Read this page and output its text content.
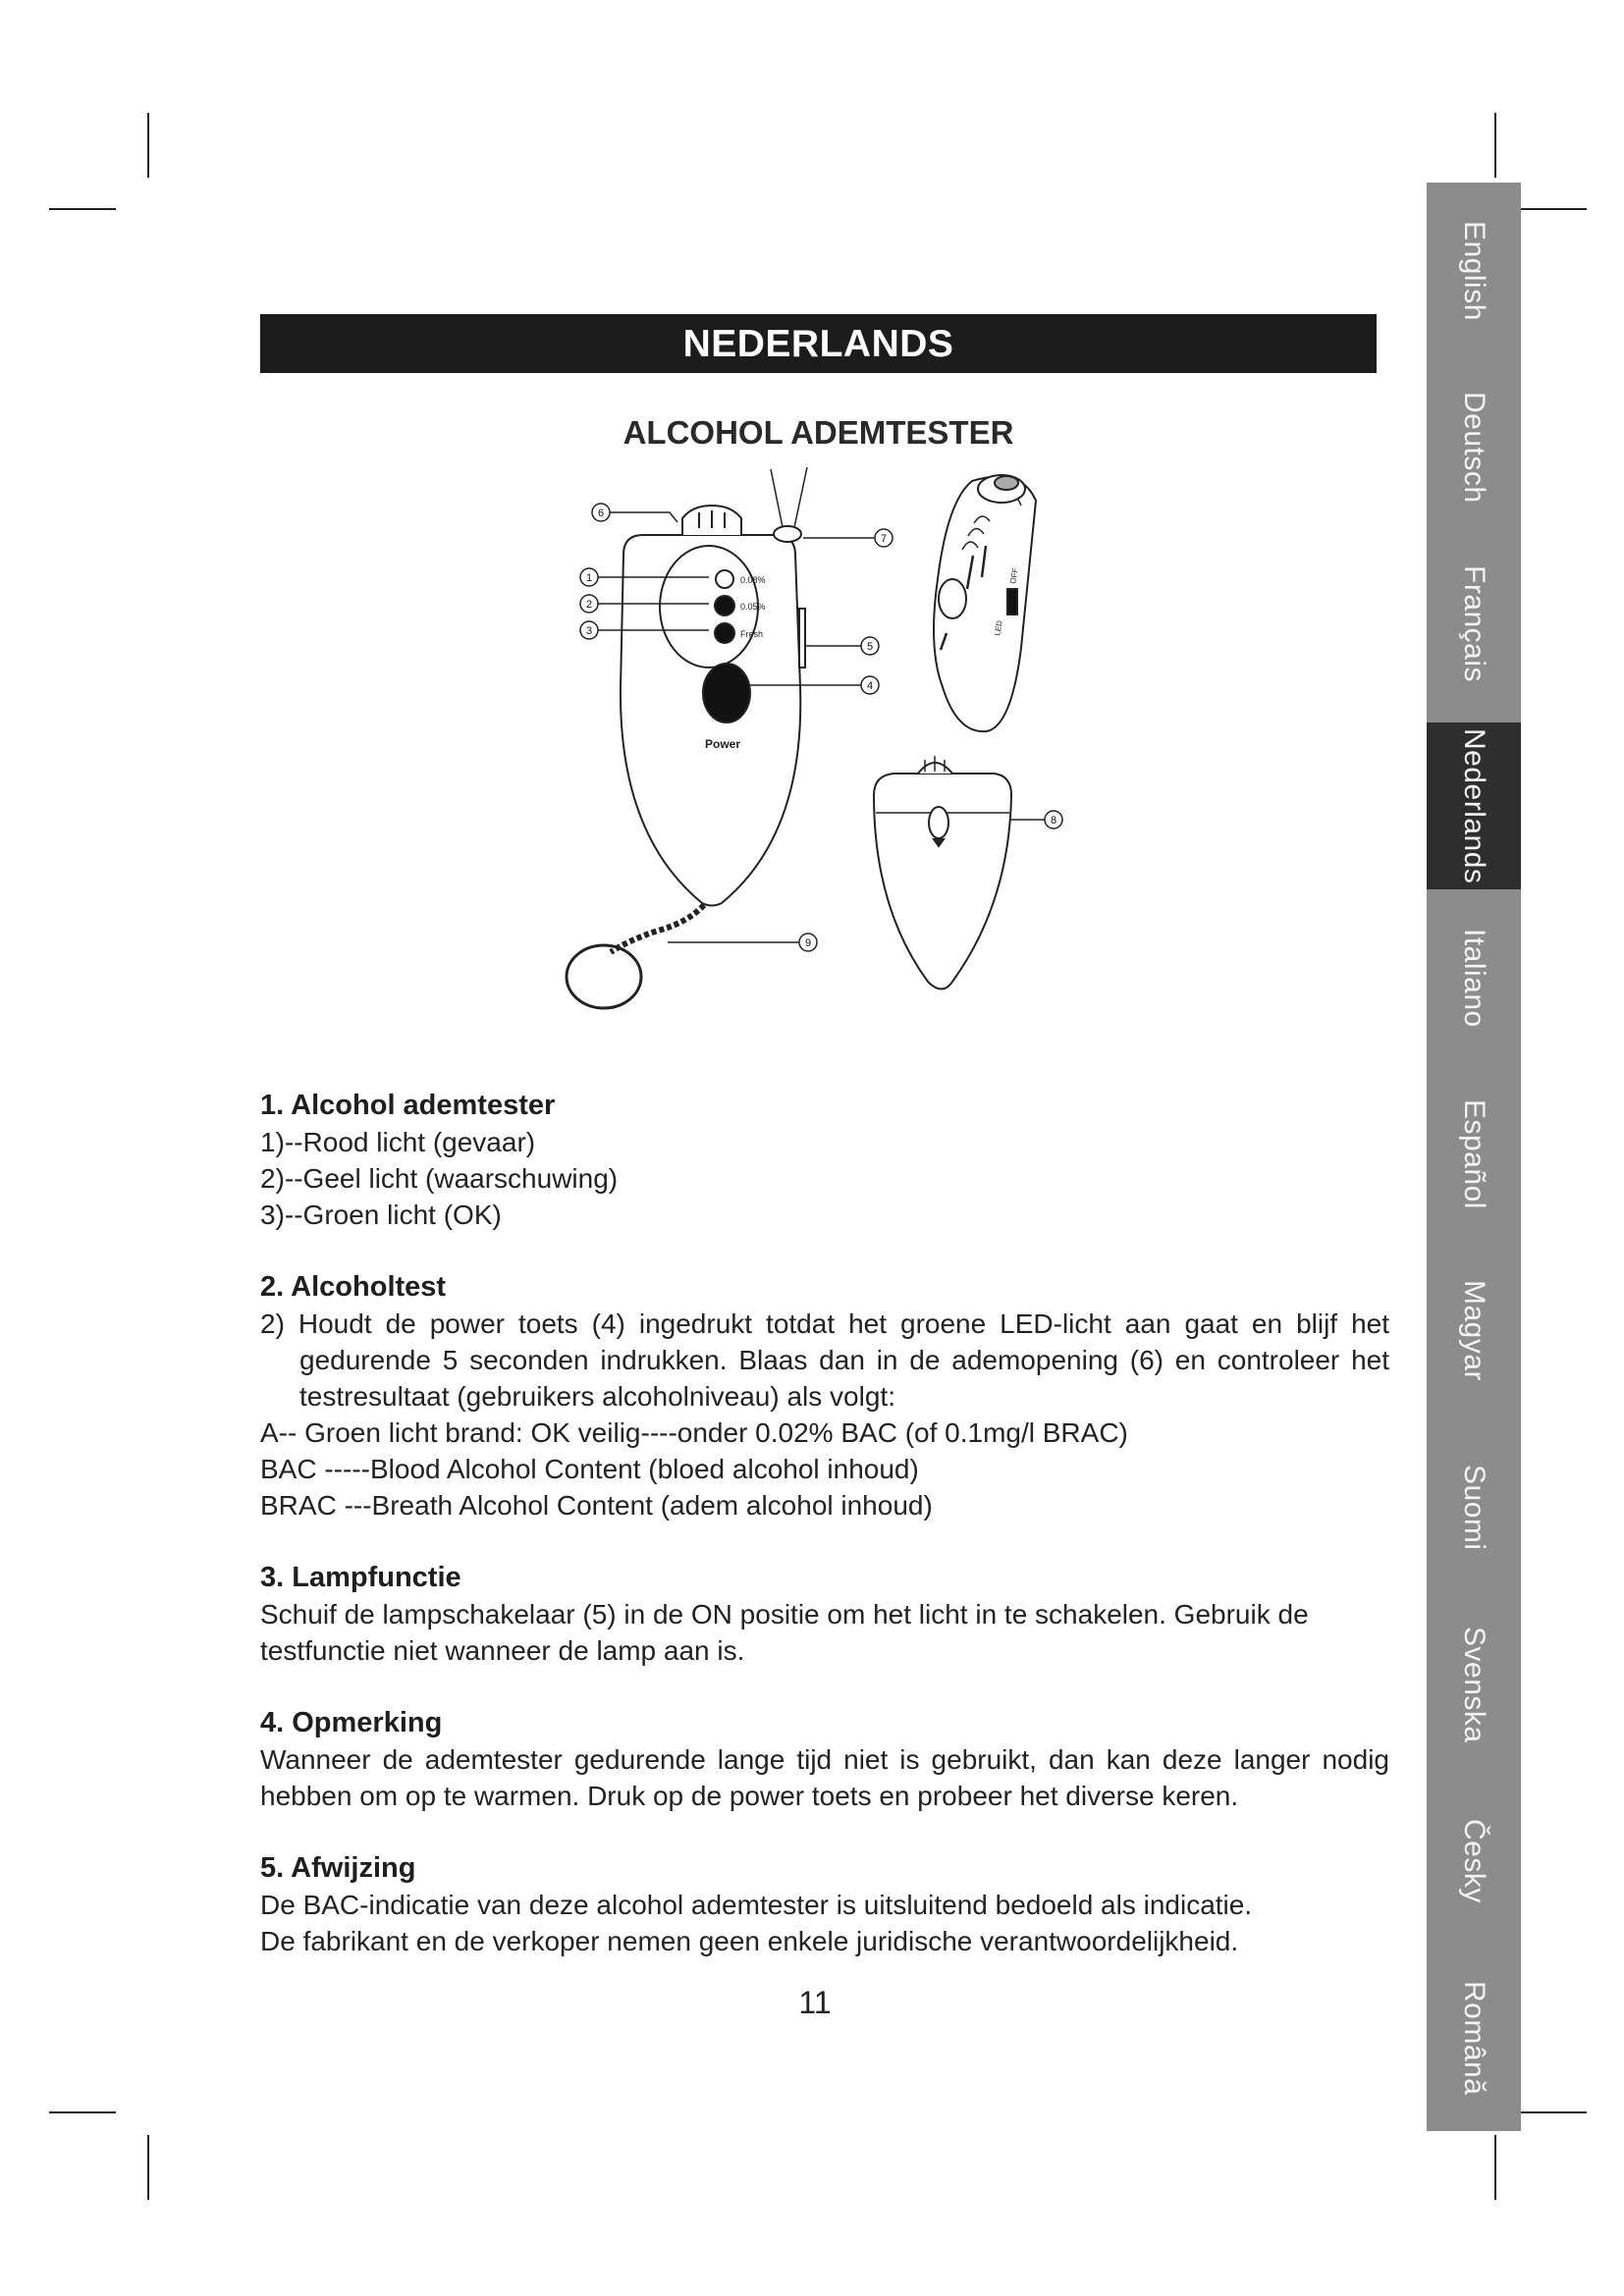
NEDERLANDS
ALCOHOL ADEMTESTER
0.08%
0.05%
Fresh
Power
1
2
3
4
5
6
7
8
9
LED
OFF
1. Alcohol ademtester

1)--Rood licht (gevaar)

2)--Geel licht (waarschuwing)

3)--Groen licht (OK)

2. Alcoholtest

2) Houdt de power toets (4) ingedrukt totdat het groene LED-licht aan gaat en blijf het gedurende 5 seconden indrukken. Blaas dan in de ademopening (6) en controleer het testresultaat (gebruikers alcoholniveau) als volgt:

A-- Groen licht brand: OK veilig----onder 0.02% BAC (of 0.1mg/l BRAC)

BAC -----Blood Alcohol Content (bloed alcohol inhoud)

BRAC ---Breath Alcohol Content (adem alcohol inhoud)

3. Lampfunctie

Schuif de lampschakelaar (5) in de ON positie om het licht in te schakelen. Gebruik de testfunctie niet wanneer de lamp aan is.

4. Opmerking

Wanneer de ademtester gedurende lange tijd niet is gebruikt, dan kan deze langer nodig hebben om op te warmen. Druk op de power toets en probeer het diverse keren.

5. Afwijzing

De BAC-indicatie van deze alcohol ademtester is uitsluitend bedoeld als indicatie.

De fabrikant en de verkoper nemen geen enkele juridische verantwoordelijkheid.

11
English
Deutsch
Français
Nederlands
Italiano
Español
Magyar
Suomi
Svenska
Česky
Română
